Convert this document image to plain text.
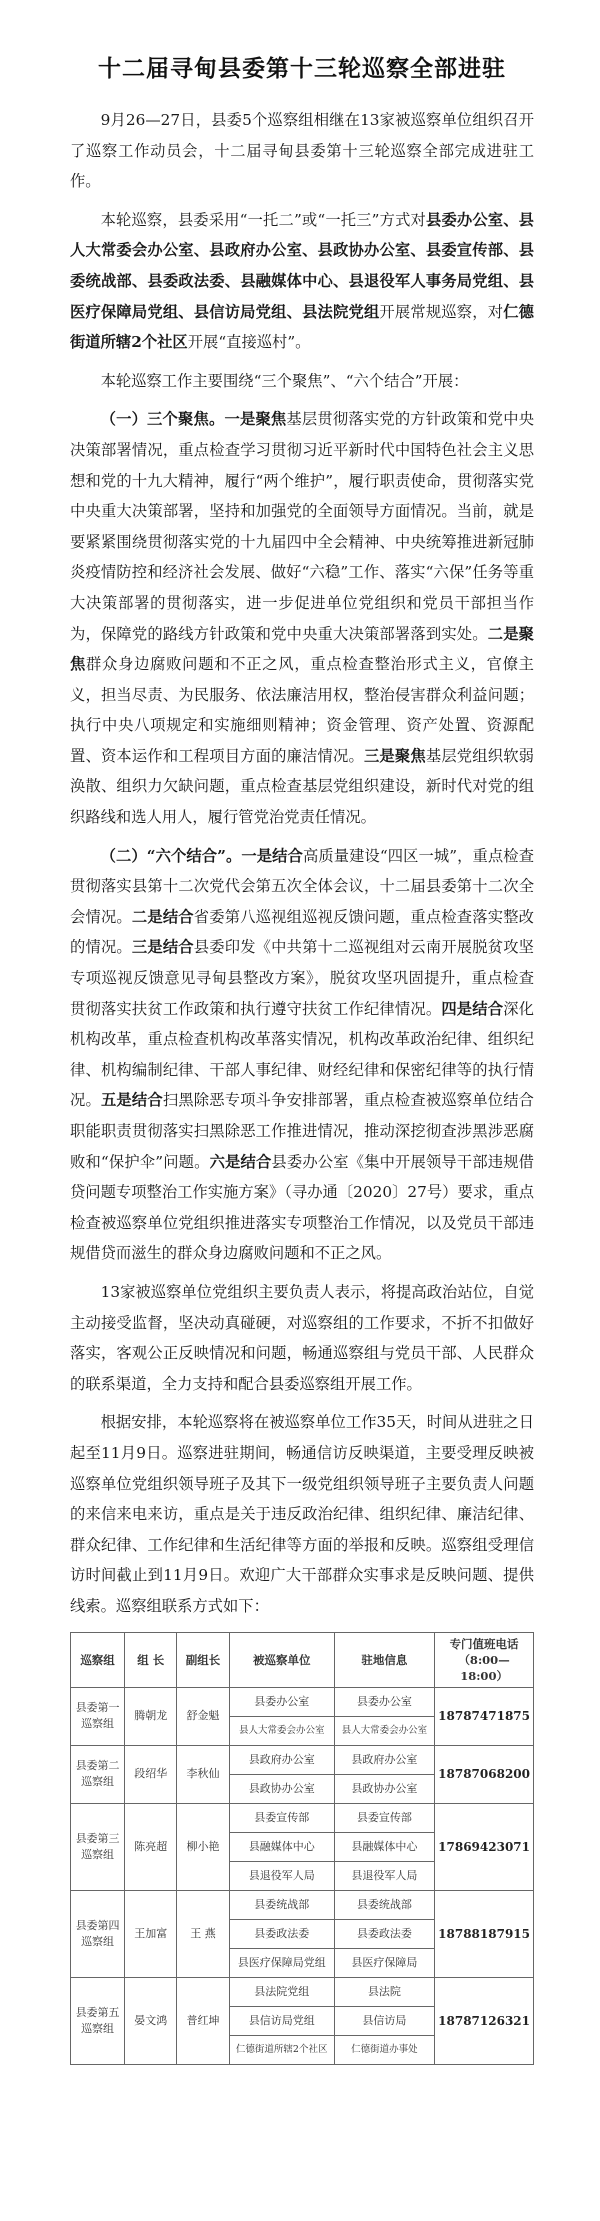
十二届寻甸县委第十三轮巡察全部进驻

9月26—27日，县委5个巡察组相继在13家被巡察单位组织召开了巡察工作动员会，十二届寻甸县委第十三轮巡察全部完成进驻工作。

本轮巡察，县委采用“一托二”或“一托三”方式对县委办公室、县人大常委会办公室、县政府办公室、县政协办公室、县委宣传部、县委统战部、县委政法委、县融媒体中心、县退役军人事务局党组、县医疗保障局党组、县信访局党组、县法院党组开展常规巡察，对仁德街道所辖2个社区开展“直接巡村”。

本轮巡察工作主要围绕“三个聚焦”、“六个结合”开展：

（一）三个聚焦。一是聚焦基层贯彻落实党的方针政策和党中央决策部署情况，重点检查学习贯彻习近平新时代中国特色社会主义思想和党的十九大精神，履行“两个维护”，履行职责使命，贯彻落实党中央重大决策部署，坚持和加强党的全面领导方面情况。当前，就是要紧紧围绕贯彻落实党的十九届四中全会精神、中央统筹推进新冠肺炎疫情防控和经济社会发展、做好“六稳”工作、落实“六保”任务等重大决策部署的贯彻落实，进一步促进单位党组织和党员干部担当作为，保障党的路线方针政策和党中央重大决策部署落到实处。二是聚焦群众身边腐败问题和不正之风，重点检查整治形式主义，官僚主义，担当尽责、为民服务、依法廉洁用权，整治侵害群众利益问题；执行中央八项规定和实施细则精神；资金管理、资产处置、资源配置、资本运作和工程项目方面的廉洁情况。三是聚焦基层党组织软弱涣散、组织力欠缺问题，重点检查基层党组织建设，新时代对党的组织路线和选人用人，履行管党治党责任情况。

（二）“六个结合”。一是结合高质量建设“四区一城”，重点检查贯彻落实县第十二次党代会第五次全体会议，十二届县委第十二次全会情况。二是结合省委第八巡视组巡视反馈问题，重点检查落实整改的情况。三是结合县委印发《中共第十二巡视组对云南开展脱贫攻坚专项巡视反馈意见寻甸县整改方案》，脱贫攻坚巩固提升，重点检查贯彻落实扶贫工作政策和执行遵守扶贫工作纪律情况。四是结合深化机构改革，重点检查机构改革落实情况，机构改革政治纪律、组织纪律、机构编制纪律、干部人事纪律、财经纪律和保密纪律等的执行情况。五是结合扫黑除恶专项斗争安排部署，重点检查被巡察单位结合职能职责贯彻落实扫黑除恶工作推进情况，推动深挖彻查涉黑涉恶腐败和“保护伞”问题。六是结合县委办公室《集中开展领导干部违规借贷问题专项整治工作实施方案》（寻办通〔2020〕27号）要求，重点检查被巡察单位党组织推进落实专项整治工作情况，以及党员干部违规借贷而滋生的群众身边腐败问题和不正之风。

13家被巡察单位党组织主要负责人表示，将提高政治站位，自觉主动接受监督，坚决动真碰硬，对巡察组的工作要求，不折不扣做好落实，客观公正反映情况和问题，畅通巡察组与党员干部、人民群众的联系渠道，全力支持和配合县委巡察组开展工作。

根据安排，本轮巡察将在被巡察单位工作35天，时间从进驻之日起至11月9日。巡察进驻期间，畅通信访反映渠道，主要受理反映被巡察单位党组织领导班子及其下一级党组织领导班子主要负责人问题的来信来电来访，重点是关于违反政治纪律、组织纪律、廉洁纪律、群众纪律、工作纪律和生活纪律等方面的举报和反映。巡察组受理信访时间截止到11月9日。欢迎广大干部群众实事求是反映问题、提供线索。巡察组联系方式如下：

巡察组	组 长	副组长	被巡察单位	驻地信息	专门值班电话（8:00—18:00）
县委第一巡察组	腾朝龙	舒金魁	县委办公室	县委办公室	18787471875
			县人大常委会办公室	县人大常委会办公室	
县委第二巡察组	段绍华	李秋仙	县政府办公室	县政府办公室	18787068200
			县政协办公室	县政协办公室	
县委第三巡察组	陈亮超	柳小艳	县委宣传部	县委宣传部	17869423071
			县融媒体中心	县融媒体中心	
			县退役军人局	县退役军人局	
县委第四巡察组	王加富	王 燕	县委统战部	县委统战部	18788187915
			县委政法委	县委政法委	
			县医疗保障局党组	县医疗保障局	
县委第五巡察组	晏文鸿	普红坤	县法院党组	县法院	18787126321
			县信访局党组	县信访局	
			仁德街道所辖2个社区	仁德街道办事处	
